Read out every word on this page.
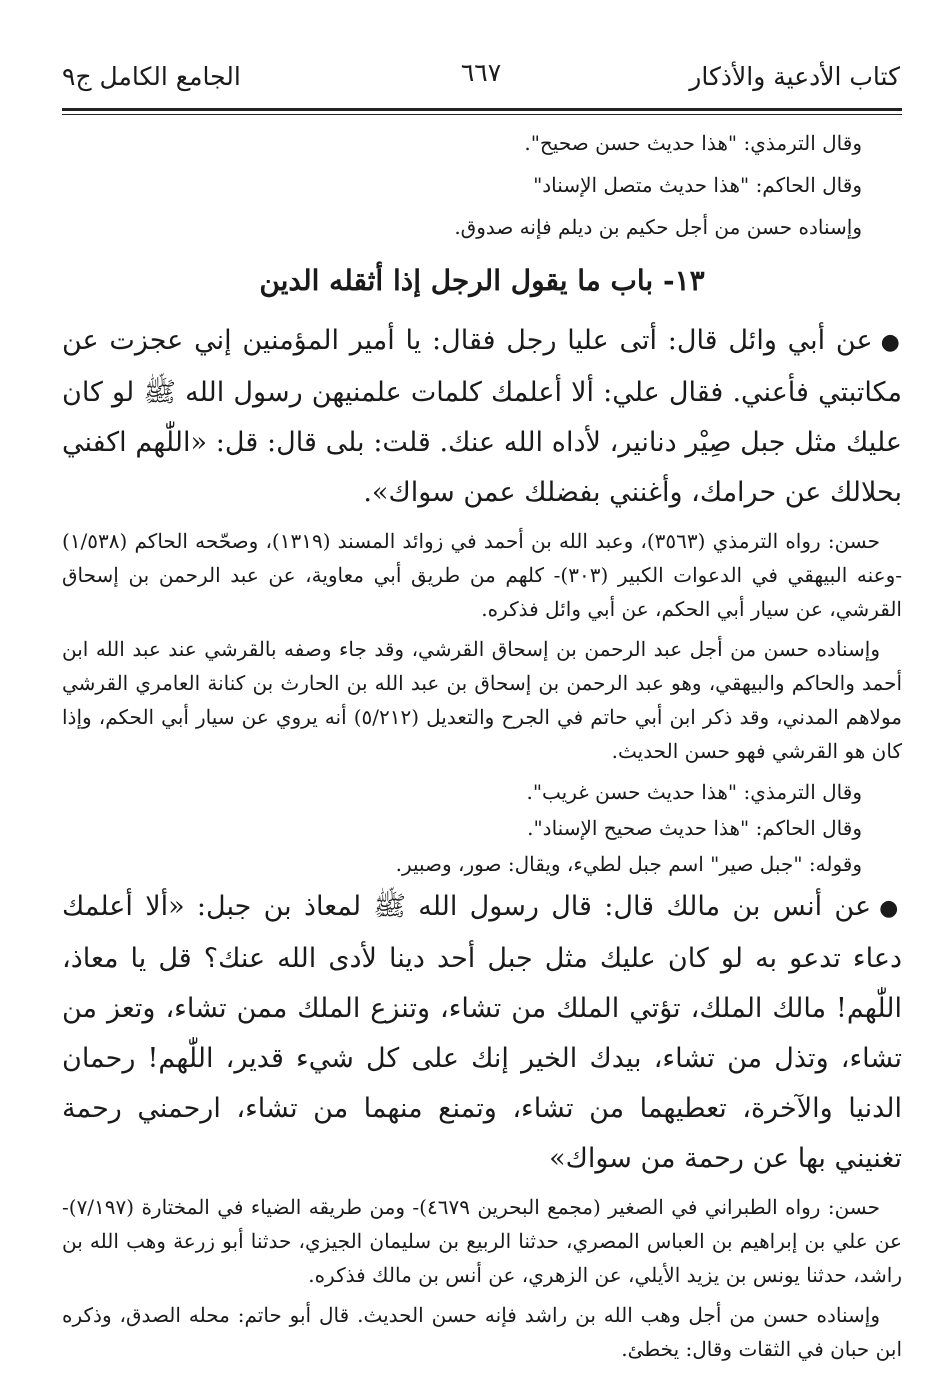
كتاب الأدعية والأذكار
٦٦٧
الجامع الكامل ج٩

وقال الترمذي: "هذا حديث حسن صحيح".

وقال الحاكم: "هذا حديث متصل الإسناد"

وإسناده حسن من أجل حكيم بن ديلم فإنه صدوق.

١٣- باب ما يقول الرجل إذا أثقله الدين

●عن أبي وائل قال: أتى عليا رجل فقال: يا أمير المؤمنين إني عجزت عن مكاتبتي فأعني. فقال علي: ألا أعلمك كلمات علمنيهن رسول الله ﷺ لو كان عليك مثل جبل صِيْر دنانير، لأداه الله عنك. قلت: بلى قال: قل: «اللّٰهم اكفني بحلالك عن حرامك، وأغنني بفضلك عمن سواك».

حسن: رواه الترمذي (٣٥٦٣)، وعبد الله بن أحمد في زوائد المسند (١٣١٩)، وصحّحه الحاكم (١/٥٣٨) -وعنه البيهقي في الدعوات الكبير (٣٠٣)- كلهم من طريق أبي معاوية، عن عبد الرحمن بن إسحاق القرشي، عن سيار أبي الحكم، عن أبي وائل فذكره.

وإسناده حسن من أجل عبد الرحمن بن إسحاق القرشي، وقد جاء وصفه بالقرشي عند عبد الله ابن أحمد والحاكم والبيهقي، وهو عبد الرحمن بن إسحاق بن عبد الله بن الحارث بن كنانة العامري القرشي مولاهم المدني، وقد ذكر ابن أبي حاتم في الجرح والتعديل (٥/٢١٢) أنه يروي عن سيار أبي الحكم، وإذا كان هو القرشي فهو حسن الحديث.

وقال الترمذي: "هذا حديث حسن غريب".

وقال الحاكم: "هذا حديث صحيح الإسناد".

وقوله: "جبل صير" اسم جبل لطيء، ويقال: صور، وصبير.

●عن أنس بن مالك قال: قال رسول الله ﷺ لمعاذ بن جبل: «ألا أعلمك دعاء تدعو به لو كان عليك مثل جبل أحد دينا لأدى الله عنك؟ قل يا معاذ، اللّٰهم! مالك الملك، تؤتي الملك من تشاء، وتنزع الملك ممن تشاء، وتعز من تشاء، وتذل من تشاء، بيدك الخير إنك على كل شيء قدير، اللّٰهم! رحمان الدنيا والآخرة، تعطيهما من تشاء، وتمنع منهما من تشاء، ارحمني رحمة تغنيني بها عن رحمة من سواك»

حسن: رواه الطبراني في الصغير (مجمع البحرين ٤٦٧٩)- ومن طريقه الضياء في المختارة (٧/١٩٧)- عن علي بن إبراهيم بن العباس المصري، حدثنا الربيع بن سليمان الجيزي، حدثنا أبو زرعة وهب الله بن راشد، حدثنا يونس بن يزيد الأيلي، عن الزهري، عن أنس بن مالك فذكره.

وإسناده حسن من أجل وهب الله بن راشد فإنه حسن الحديث. قال أبو حاتم: محله الصدق، وذكره ابن حبان في الثقات وقال: يخطئ.
